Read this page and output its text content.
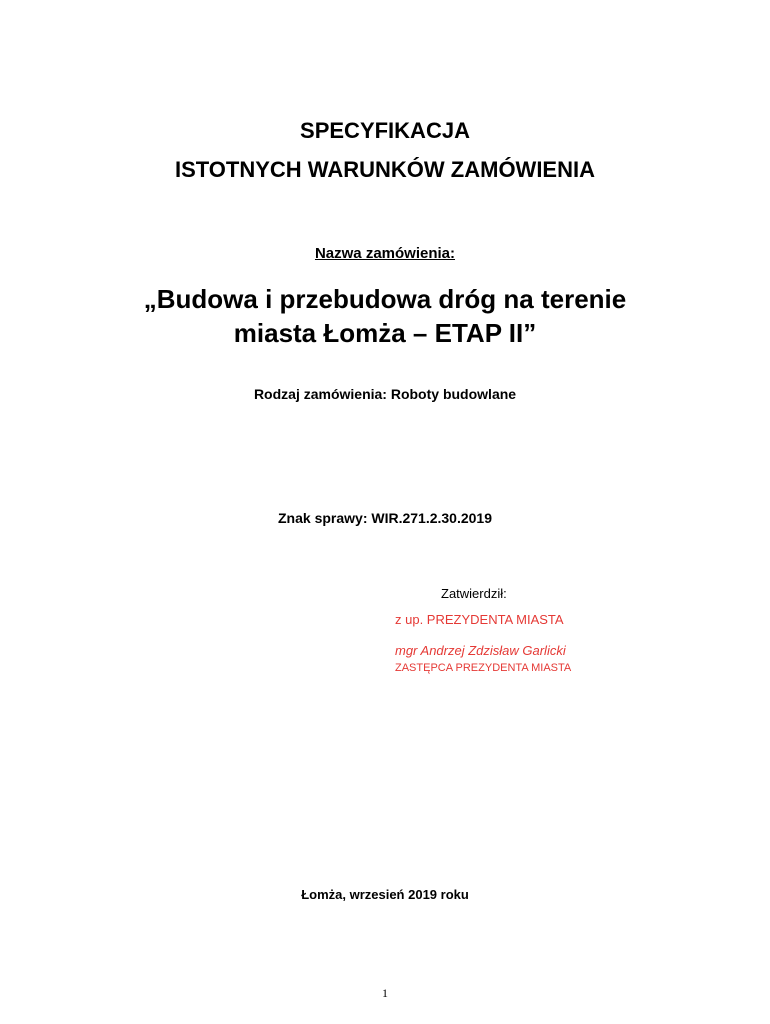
SPECYFIKACJA
ISTOTNYCH WARUNKÓW ZAMÓWIENIA
Nazwa zamówienia:
„Budowa i przebudowa dróg na terenie
miasta Łomża – ETAP II”
Rodzaj zamówienia: Roboty budowlane
Znak sprawy: WIR.271.2.30.2019
Zatwierdził:
z up. PREZYDENTA MIASTA
mgr Andrzej Zdzisław Garlicki
ZASTĘPCA PREZYDENTA MIASTA
Łomża, wrzesień 2019 roku
1
